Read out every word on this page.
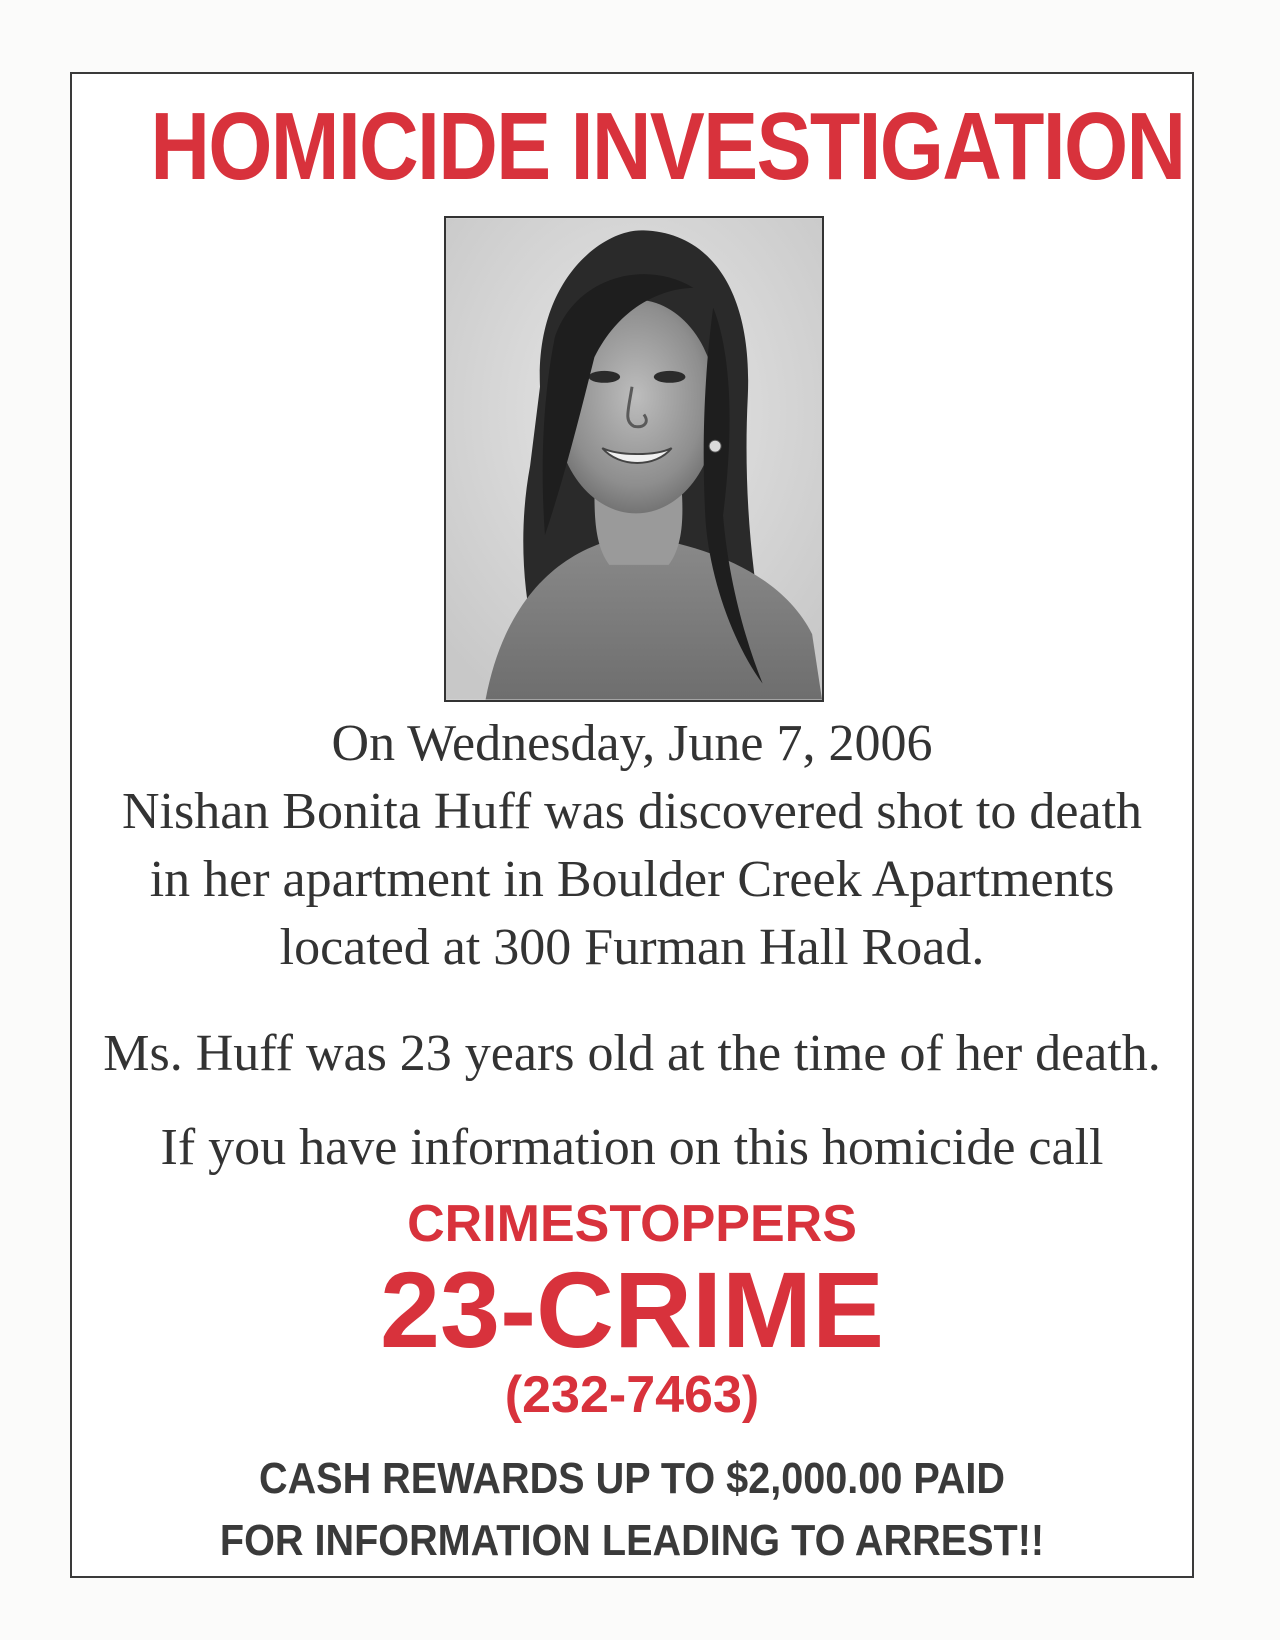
HOMICIDE INVESTIGATION
On Wednesday, June 7, 2006
Nishan Bonita Huff was discovered shot to death
in her apartment in Boulder Creek Apartments
located at 300 Furman Hall Road.
Ms. Huff was 23 years old at the time of her death.
If you have information on this homicide call
CRIMESTOPPERS
23-CRIME
(232-7463)
CASH REWARDS UP TO $2,000.00 PAID
FOR INFORMATION LEADING TO ARREST!!
